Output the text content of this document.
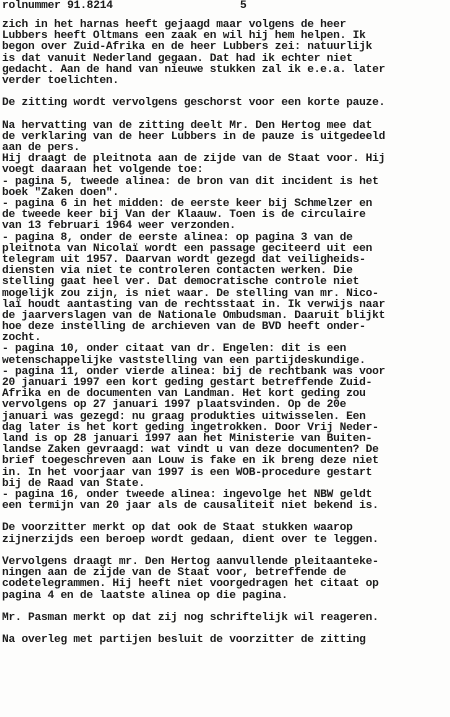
rolnummer 91.8214	5
zich in het harnas heeft gejaagd maar volgens de heer
Lubbers heeft Oltmans een zaak en wil hij hem helpen. Ik
begon over Zuid-Afrika en de heer Lubbers zei: natuurlijk
is dat vanuit Nederland gegaan. Dat had ik echter niet
gedacht. Aan de hand van nieuwe stukken zal ik e.e.a. later
verder toelichten.
De zitting wordt vervolgens geschorst voor een korte pauze.
Na hervatting van de zitting deelt Mr. Den Hertog mee dat
de verklaring van de heer Lubbers in de pauze is uitgedeeld
aan de pers.
Hij draagt de pleitnota aan de zijde van de Staat voor. Hij
voegt daaraan het volgende toe:
- pagina 5, tweede alinea: de bron van dit incident is het
boek "Zaken doen".
- pagina 6 in het midden: de eerste keer bij Schmelzer en
de tweede keer bij Van der Klaauw. Toen is de circulaire
van 13 februari 1964 weer verzonden.
- pagina 8, onder de eerste alinea: op pagina 3 van de
pleitnota van Nicolaï wordt een passage geciteerd uit een
telegram uit 1957. Daarvan wordt gezegd dat veiligheids-
diensten via niet te controleren contacten werken. Die
stelling gaat heel ver. Dat democratische controle niet
mogelijk zou zijn, is niet waar. De stelling van mr. Nico-
laï houdt aantasting van de rechtsstaat in. Ik verwijs naar
de jaarverslagen van de Nationale Ombudsman. Daaruit blijkt
hoe deze instelling de archieven van de BVD heeft onder-
zocht.
- pagina 10, onder citaat van dr. Engelen: dit is een
wetenschappelijke vaststelling van een partijdeskundige.
- pagina 11, onder vierde alinea: bij de rechtbank was voor
20 januari 1997 een kort geding gestart betreffende Zuid-
Afrika en de documenten van Landman. Het kort geding zou
vervolgens op 27 januari 1997 plaatsvinden. Op de 20e
januari was gezegd: nu graag produkties uitwisselen. Een
dag later is het kort geding ingetrokken. Door Vrij Neder-
land is op 28 januari 1997 aan het Ministerie van Buiten-
landse Zaken gevraagd: wat vindt u van deze documenten? De
brief toegeschreven aan Louw is fake en ik breng deze niet
in. In het voorjaar van 1997 is een WOB-procedure gestart
bij de Raad van State.
- pagina 16, onder tweede alinea: ingevolge het NBW geldt
een termijn van 20 jaar als de causaliteit niet bekend is.
De voorzitter merkt op dat ook de Staat stukken waarop
zijnerzijds een beroep wordt gedaan, dient over te leggen.
Vervolgens draagt mr. Den Hertog aanvullende pleitaanteke-
ningen aan de zijde van de Staat voor, betreffende de
codetelegrammen. Hij heeft niet voorgedragen het citaat op
pagina 4 en de laatste alinea op die pagina.
Mr. Pasman merkt op dat zij nog schriftelijk wil reageren.
Na overleg met partijen besluit de voorzitter de zitting
